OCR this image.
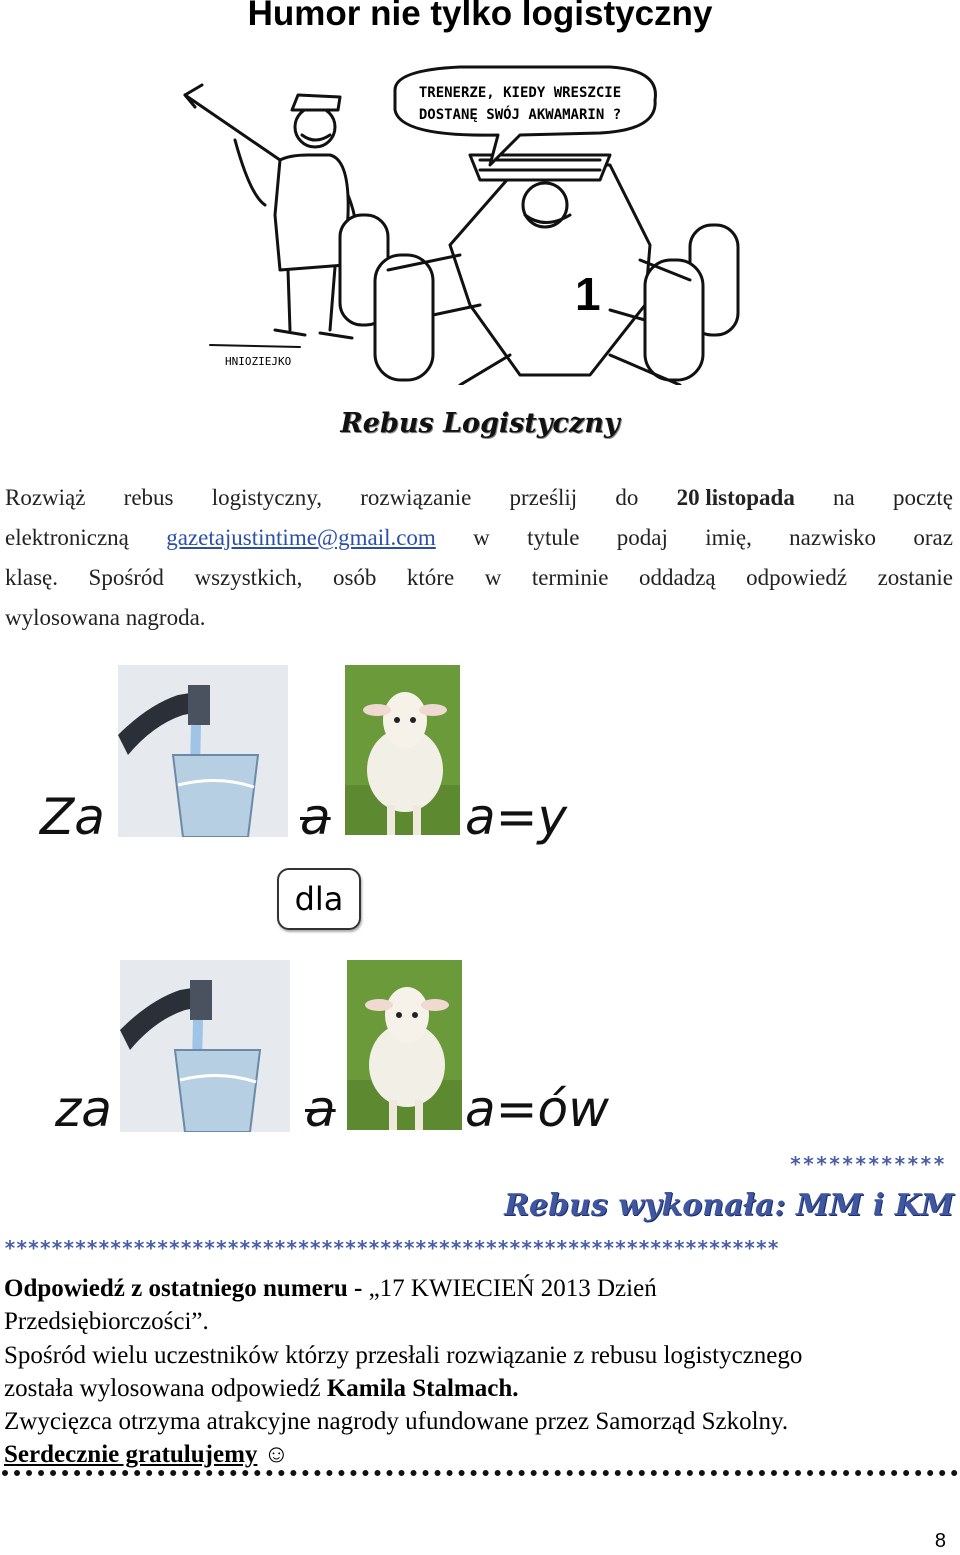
Humor nie tylko logistyczny
TRENERZE, KIEDY WRESZCIE
DOSTANĘ SWÓJ AKWAMARIN ?
1
HNIOZIEJKO
Rebus Logistyczny
Rozwiąż rebus logistyczny, rozwiązanie prześlij do 20 listopada na pocztę
elektroniczną gazetajustintime@gmail.com w tytule podaj imię, nazwisko oraz
klasę. Spośród wszystkich, osób które w terminie oddadzą odpowiedź zostanie
wylosowana nagroda.
Za	a	a=y
dla
za	a	a=ów
************
Rebus wykonała: MM i KM
******************************************************************
Odpowiedź z ostatniego numeru - „17 KWIECIEŃ 2013 Dzień
Przedsiębiorczości”.
Spośród wielu uczestników którzy przesłali rozwiązanie z rebusu logistycznego
została wylosowana odpowiedź Kamila Stalmach.
Zwycięzca otrzyma atrakcyjne nagrody ufundowane przez Samorząd Szkolny.
Serdecznie gratulujemy ☺
8
